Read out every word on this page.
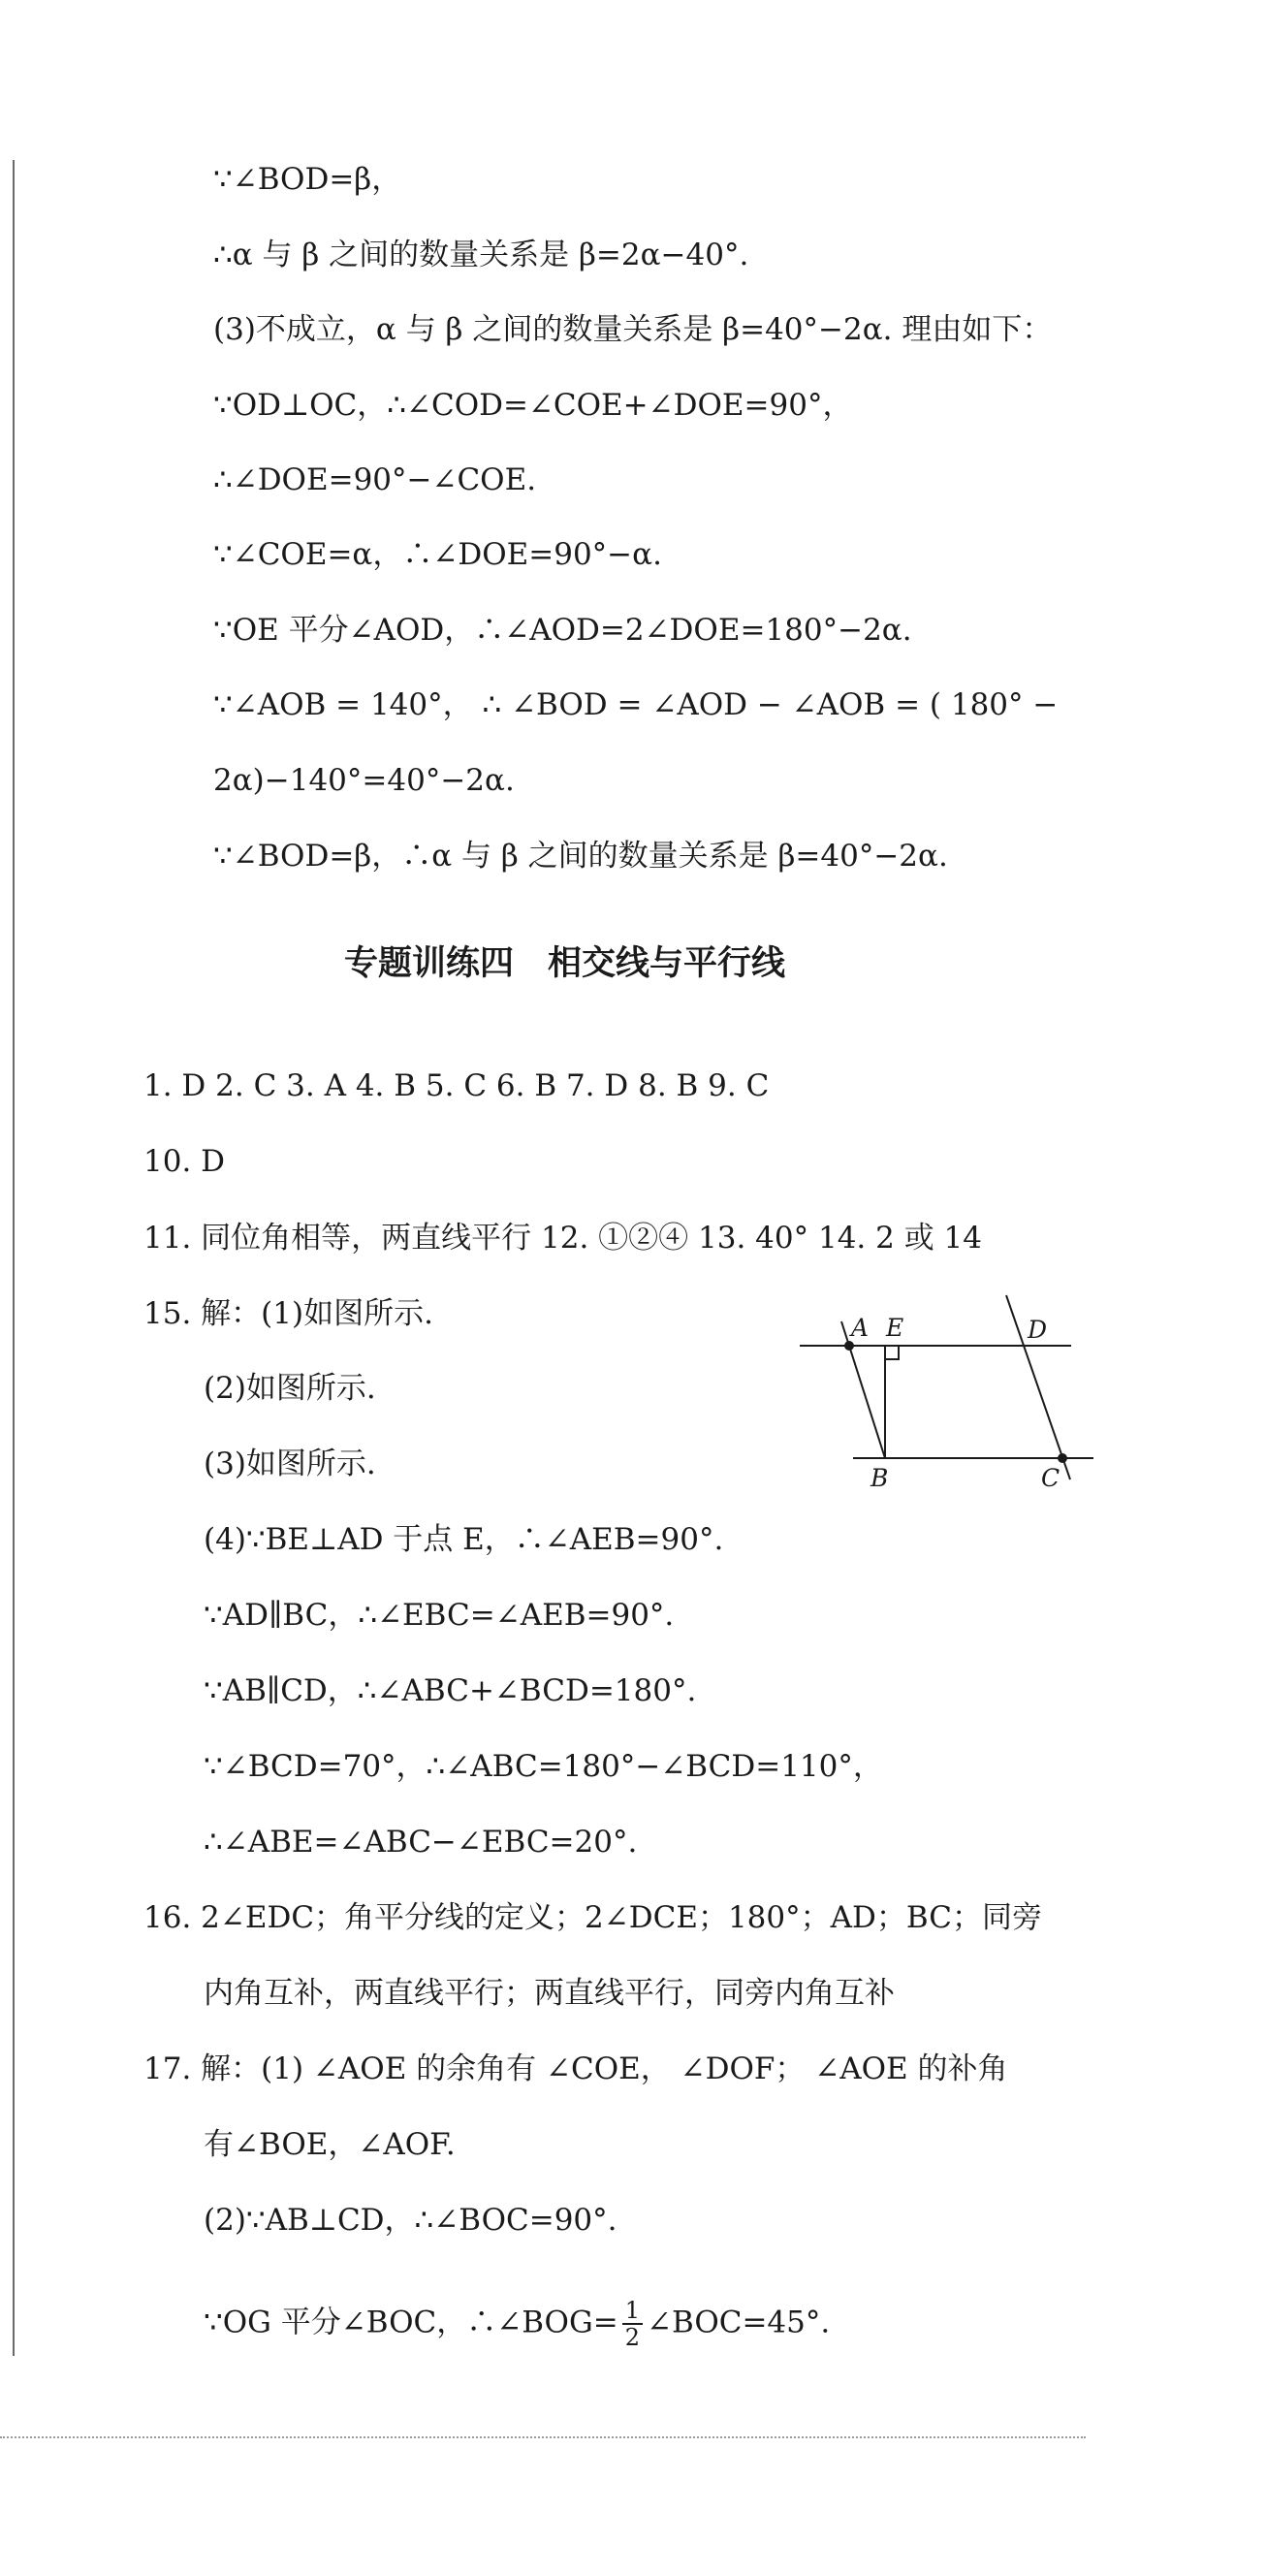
∵∠BOD=β，
∴α 与 β 之间的数量关系是 β=2α−40°.
(3)不成立，α 与 β 之间的数量关系是 β=40°−2α. 理由如下：
∵OD⊥OC，∴∠COD=∠COE+∠DOE=90°，
∴∠DOE=90°−∠COE.
∵∠COE=α，∴∠DOE=90°−α.
∵OE 平分∠AOD，∴∠AOD=2∠DOE=180°−2α.
∵∠AOB = 140°， ∴ ∠BOD = ∠AOD − ∠AOB = ( 180° −
2α)−140°=40°−2α.
∵∠BOD=β，∴α 与 β 之间的数量关系是 β=40°−2α.
专题训练四　相交线与平行线
1. D 2. C 3. A 4. B 5. C 6. B 7. D 8. B 9. C
10. D
11. 同位角相等，两直线平行 12. ①②④ 13. 40° 14. 2 或 14
15. 解：(1)如图所示.
(2)如图所示.
(3)如图所示.
A E	D
B	C
(4)∵BE⊥AD 于点 E，∴∠AEB=90°.
∵AD∥BC，∴∠EBC=∠AEB=90°.
∵AB∥CD，∴∠ABC+∠BCD=180°.
∵∠BCD=70°，∴∠ABC=180°−∠BCD=110°，
∴∠ABE=∠ABC−∠EBC=20°.
16. 2∠EDC；角平分线的定义；2∠DCE；180°；AD；BC；同旁
内角互补，两直线平行；两直线平行，同旁内角互补
17. 解：(1) ∠AOE 的余角有 ∠COE， ∠DOF； ∠AOE 的补角
有∠BOE，∠AOF.
(2)∵AB⊥CD，∴∠BOC=90°.
∵OG 平分∠BOC，∴∠BOG= $\frac{1}{2}$ ∠BOC=45°.
